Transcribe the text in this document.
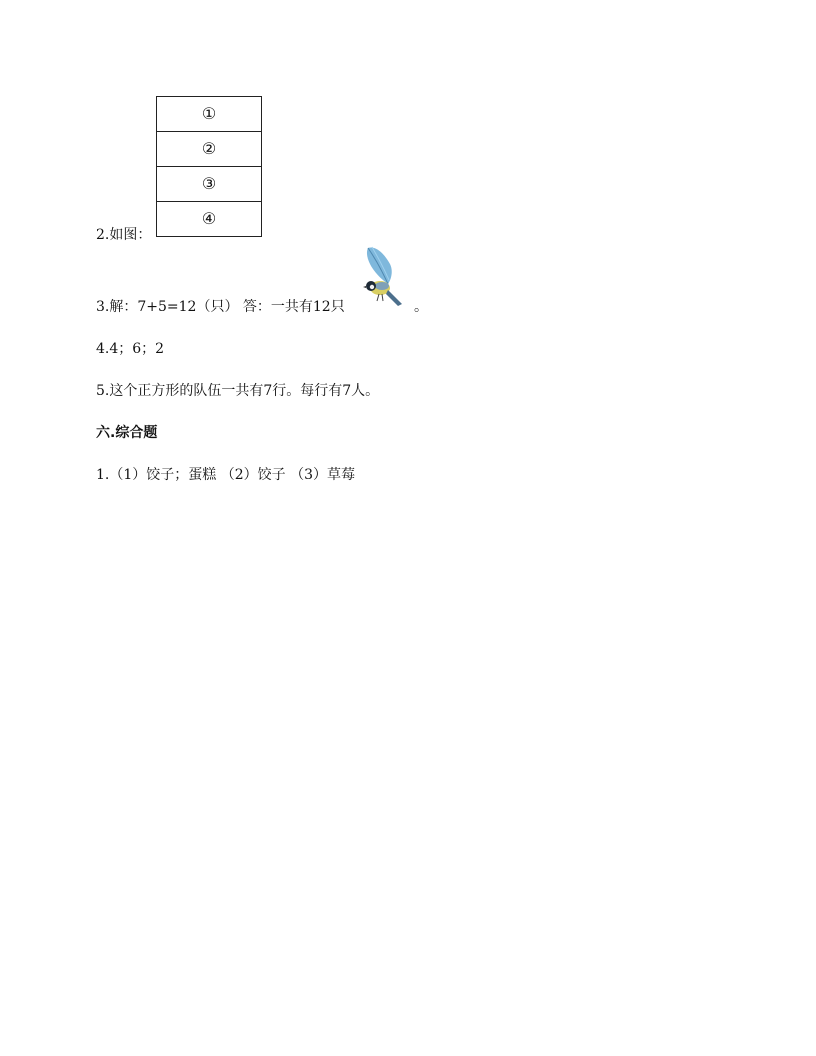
①
②
③
④
2.如图：
3.解：7+5=12（只） 答：一共有12只	。
4.4；6；2
5.这个正方形的队伍一共有7行。每行有7人。
六.综合题
1.（1）饺子；蛋糕 （2）饺子 （3）草莓
